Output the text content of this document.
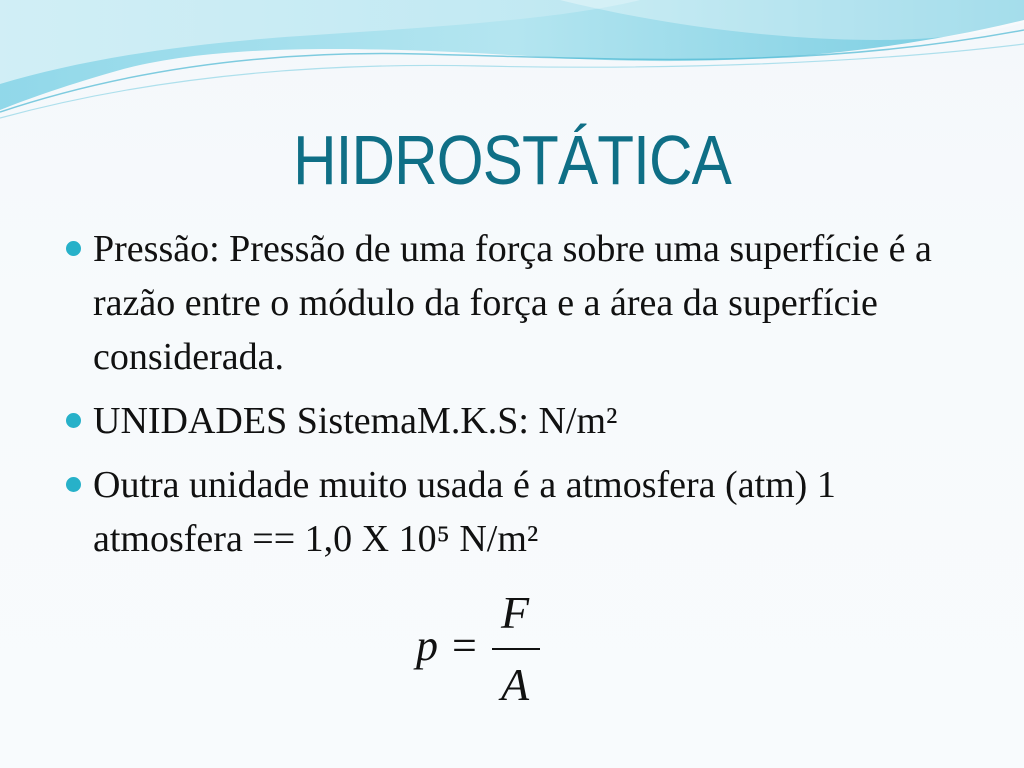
HIDROSTÁTICA
Pressão: Pressão de uma força sobre uma superfície é a razão entre o módulo da força e a área da superfície considerada.
UNIDADES SistemaM.K.S: N/m²
Outra unidade muito usada é a atmosfera (atm) 1 atmosfera == 1,0 X 10⁵ N/m²
p =
F
A
